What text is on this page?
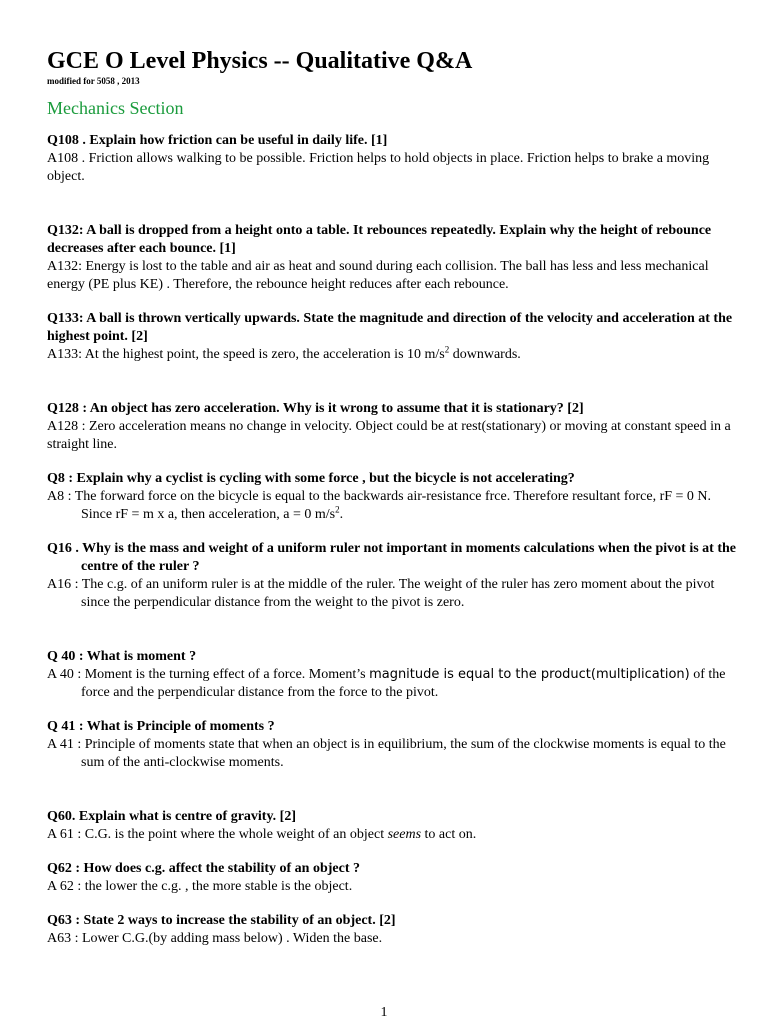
GCE O Level Physics -- Qualitative Q&A
modified for 5058 , 2013
Mechanics Section
Q108 . Explain how friction can be useful in daily life. [1]
A108 . Friction allows walking to be possible. Friction helps to hold objects in place. Friction helps to brake a moving object.
Q132: A ball is dropped from a height onto a table. It rebounces repeatedly. Explain why the height of rebounce decreases after each bounce. [1]
A132: Energy is lost to the table and air as heat and sound during each collision. The ball has less and less mechanical energy (PE plus KE) . Therefore, the rebounce height reduces after each rebounce.
Q133: A ball is thrown vertically upwards. State the magnitude and direction of the velocity and acceleration at the highest point. [2]
A133: At the highest point, the speed is zero, the acceleration is 10 $m/s^2$ downwards.
Q128 : An object has zero acceleration. Why is it wrong to assume that it is stationary? [2]
A128 : Zero acceleration means no change in velocity. Object could be at rest(stationary) or moving at constant speed in a straight line.
Q8 : Explain why a cyclist is cycling with some force , but the bicycle is not accelerating?
A8 : The forward force on the bicycle is equal to the backwards air-resistance frce. Therefore resultant force, rF = 0 N. Since rF = m x a, then acceleration, a = 0 $m/s^2$.
Q16 . Why is the mass and weight of a uniform ruler not important in moments calculations when the pivot is at the centre of the ruler ?
A16 : The c.g. of an uniform ruler is at the middle of the ruler. The weight of the ruler has zero moment about the pivot since the perpendicular distance from the weight to the pivot is zero.
Q 40 : What is moment ?
A 40 : Moment is the turning effect of a force. Moment’s magnitude is equal to the product(multiplication) of the force and the perpendicular distance from the force to the pivot.
Q 41 : What is Principle of moments ?
A 41 : Principle of moments state that when an object is in equilibrium, the sum of the clockwise moments is equal to the sum of the anti-clockwise moments.
Q60. Explain what is centre of gravity. [2]
A 61 : C.G. is the point where the whole weight of an object seems to act on.
Q62 : How does c.g. affect the stability of an object ?
A 62 : the lower the c.g. , the more stable is the object.
Q63 : State 2 ways to increase the stability of an object. [2]
A63 : Lower C.G.(by adding mass below) . Widen the base.
1
